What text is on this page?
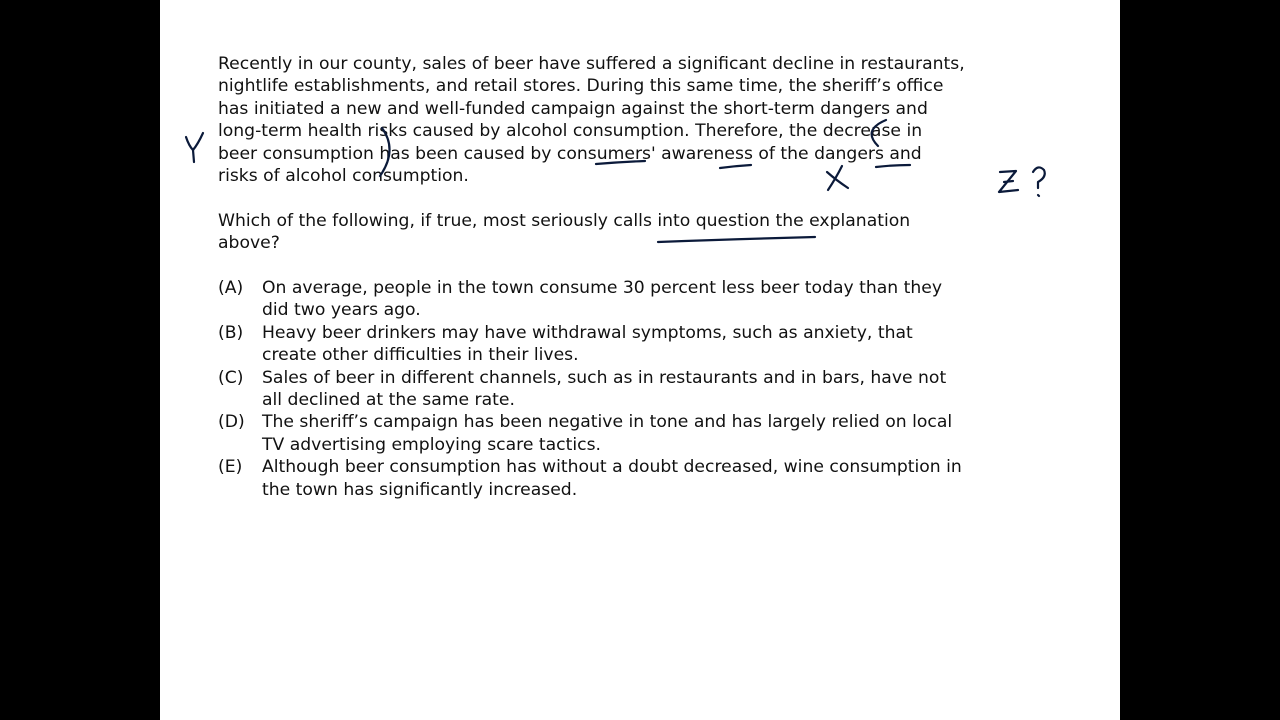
Recently in our county, sales of beer have suffered a significant decline in restaurants,
nightlife establishments, and retail stores. During this same time, the sheriff’s office
has initiated a new and well-funded campaign against the short-term dangers and
long-term health risks caused by alcohol consumption. Therefore, the decrease in
beer consumption has been caused by consumers' awareness of the dangers and
risks of alcohol consumption.

Which of the following, if true, most seriously calls into question the explanation
above?

(A) On average, people in the town consume 30 percent less beer today than they
did two years ago.
(B) Heavy beer drinkers may have withdrawal symptoms, such as anxiety, that
create other difficulties in their lives.
(C) Sales of beer in different channels, such as in restaurants and in bars, have not
all declined at the same rate.
(D) The sheriff’s campaign has been negative in tone and has largely relied on local
TV advertising employing scare tactics.
(E) Although beer consumption has without a doubt decreased, wine consumption in
the town has significantly increased.
